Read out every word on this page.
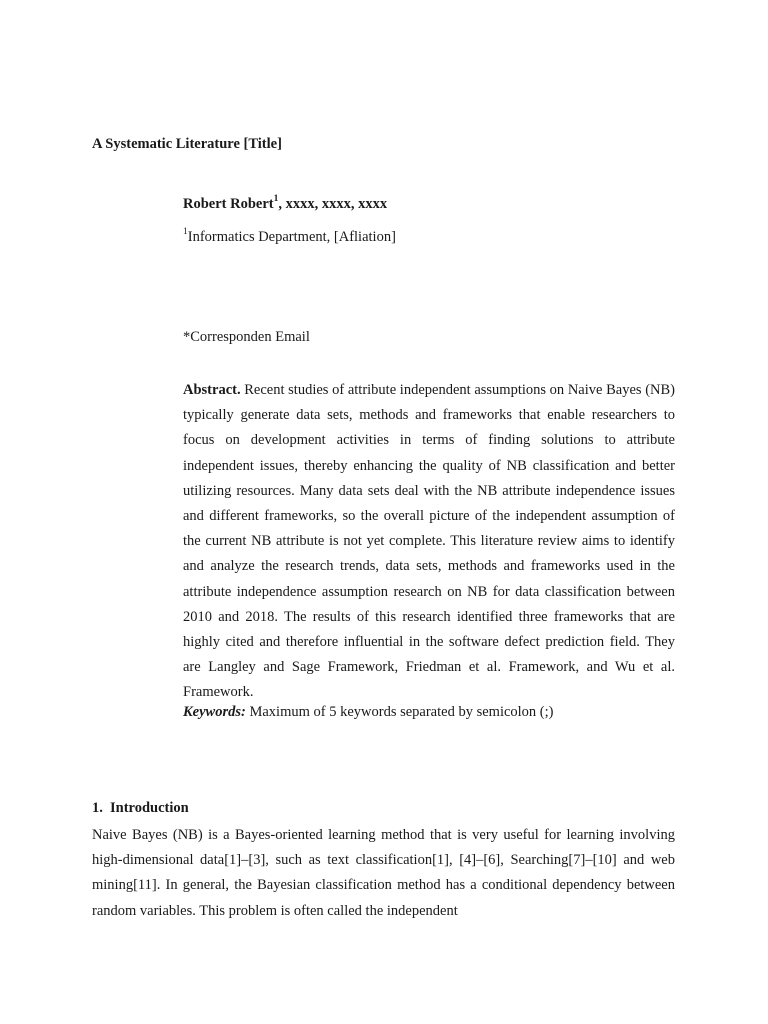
A Systematic Literature [Title]
Robert Robert$^1$, xxxx, xxxx, xxxx
$^1$Informatics Department, [Afliation]
*Corresponden Email
Abstract. Recent studies of attribute independent assumptions on Naive Bayes (NB) typically generate data sets, methods and frameworks that enable researchers to focus on development activities in terms of finding solutions to attribute independent issues, thereby enhancing the quality of NB classification and better utilizing resources. Many data sets deal with the NB attribute independence issues and different frameworks, so the overall picture of the independent assumption of the current NB attribute is not yet complete. This literature review aims to identify and analyze the research trends, data sets, methods and frameworks used in the attribute independence assumption research on NB for data classification between 2010 and 2018. The results of this research identified three frameworks that are highly cited and therefore influential in the software defect prediction field. They are Langley and Sage Framework, Friedman et al. Framework, and Wu et al. Framework.
Keywords: Maximum of 5 keywords separated by semicolon (;)
1. Introduction
Naive Bayes (NB) is a Bayes-oriented learning method that is very useful for learning involving high-dimensional data[1]–[3], such as text classification[1], [4]–[6], Searching[7]–[10] and web mining[11]. In general, the Bayesian classification method has a conditional dependency between random variables. This problem is often called the independent
